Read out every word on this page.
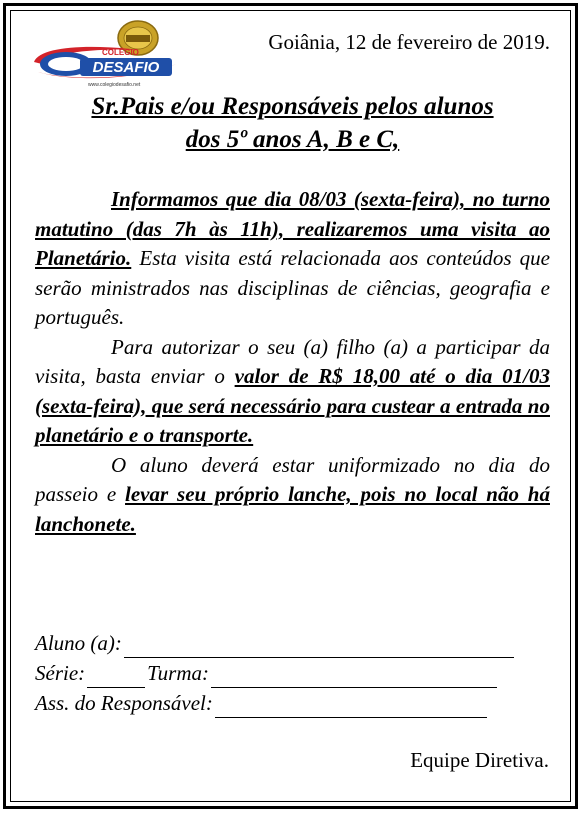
DESAFIO
COLÉGIO
www.colegiodesafio.net
Goiânia, 12 de fevereiro de 2019.
Sr.Pais e/ou Responsáveis pelos alunos
dos 5º anos A, B e C,

Informamos que dia 08/03 (sexta-feira), no turno matutino (das 7h às 11h), realizaremos uma visita ao Planetário. Esta visita está relacionada aos conteúdos que serão ministrados nas disciplinas de ciências, geografia e português.

Para autorizar o seu (a) filho (a) a participar da visita, basta enviar o valor de R$ 18,00 até o dia 01/03 (sexta-feira), que será necessário para custear a entrada no planetário e o transporte.

O aluno deverá estar uniformizado no dia do passeio e levar seu próprio lanche, pois no local não há lanchonete.

Aluno (a):
Série:	Turma:
Ass. do Responsável:
Equipe Diretiva.
